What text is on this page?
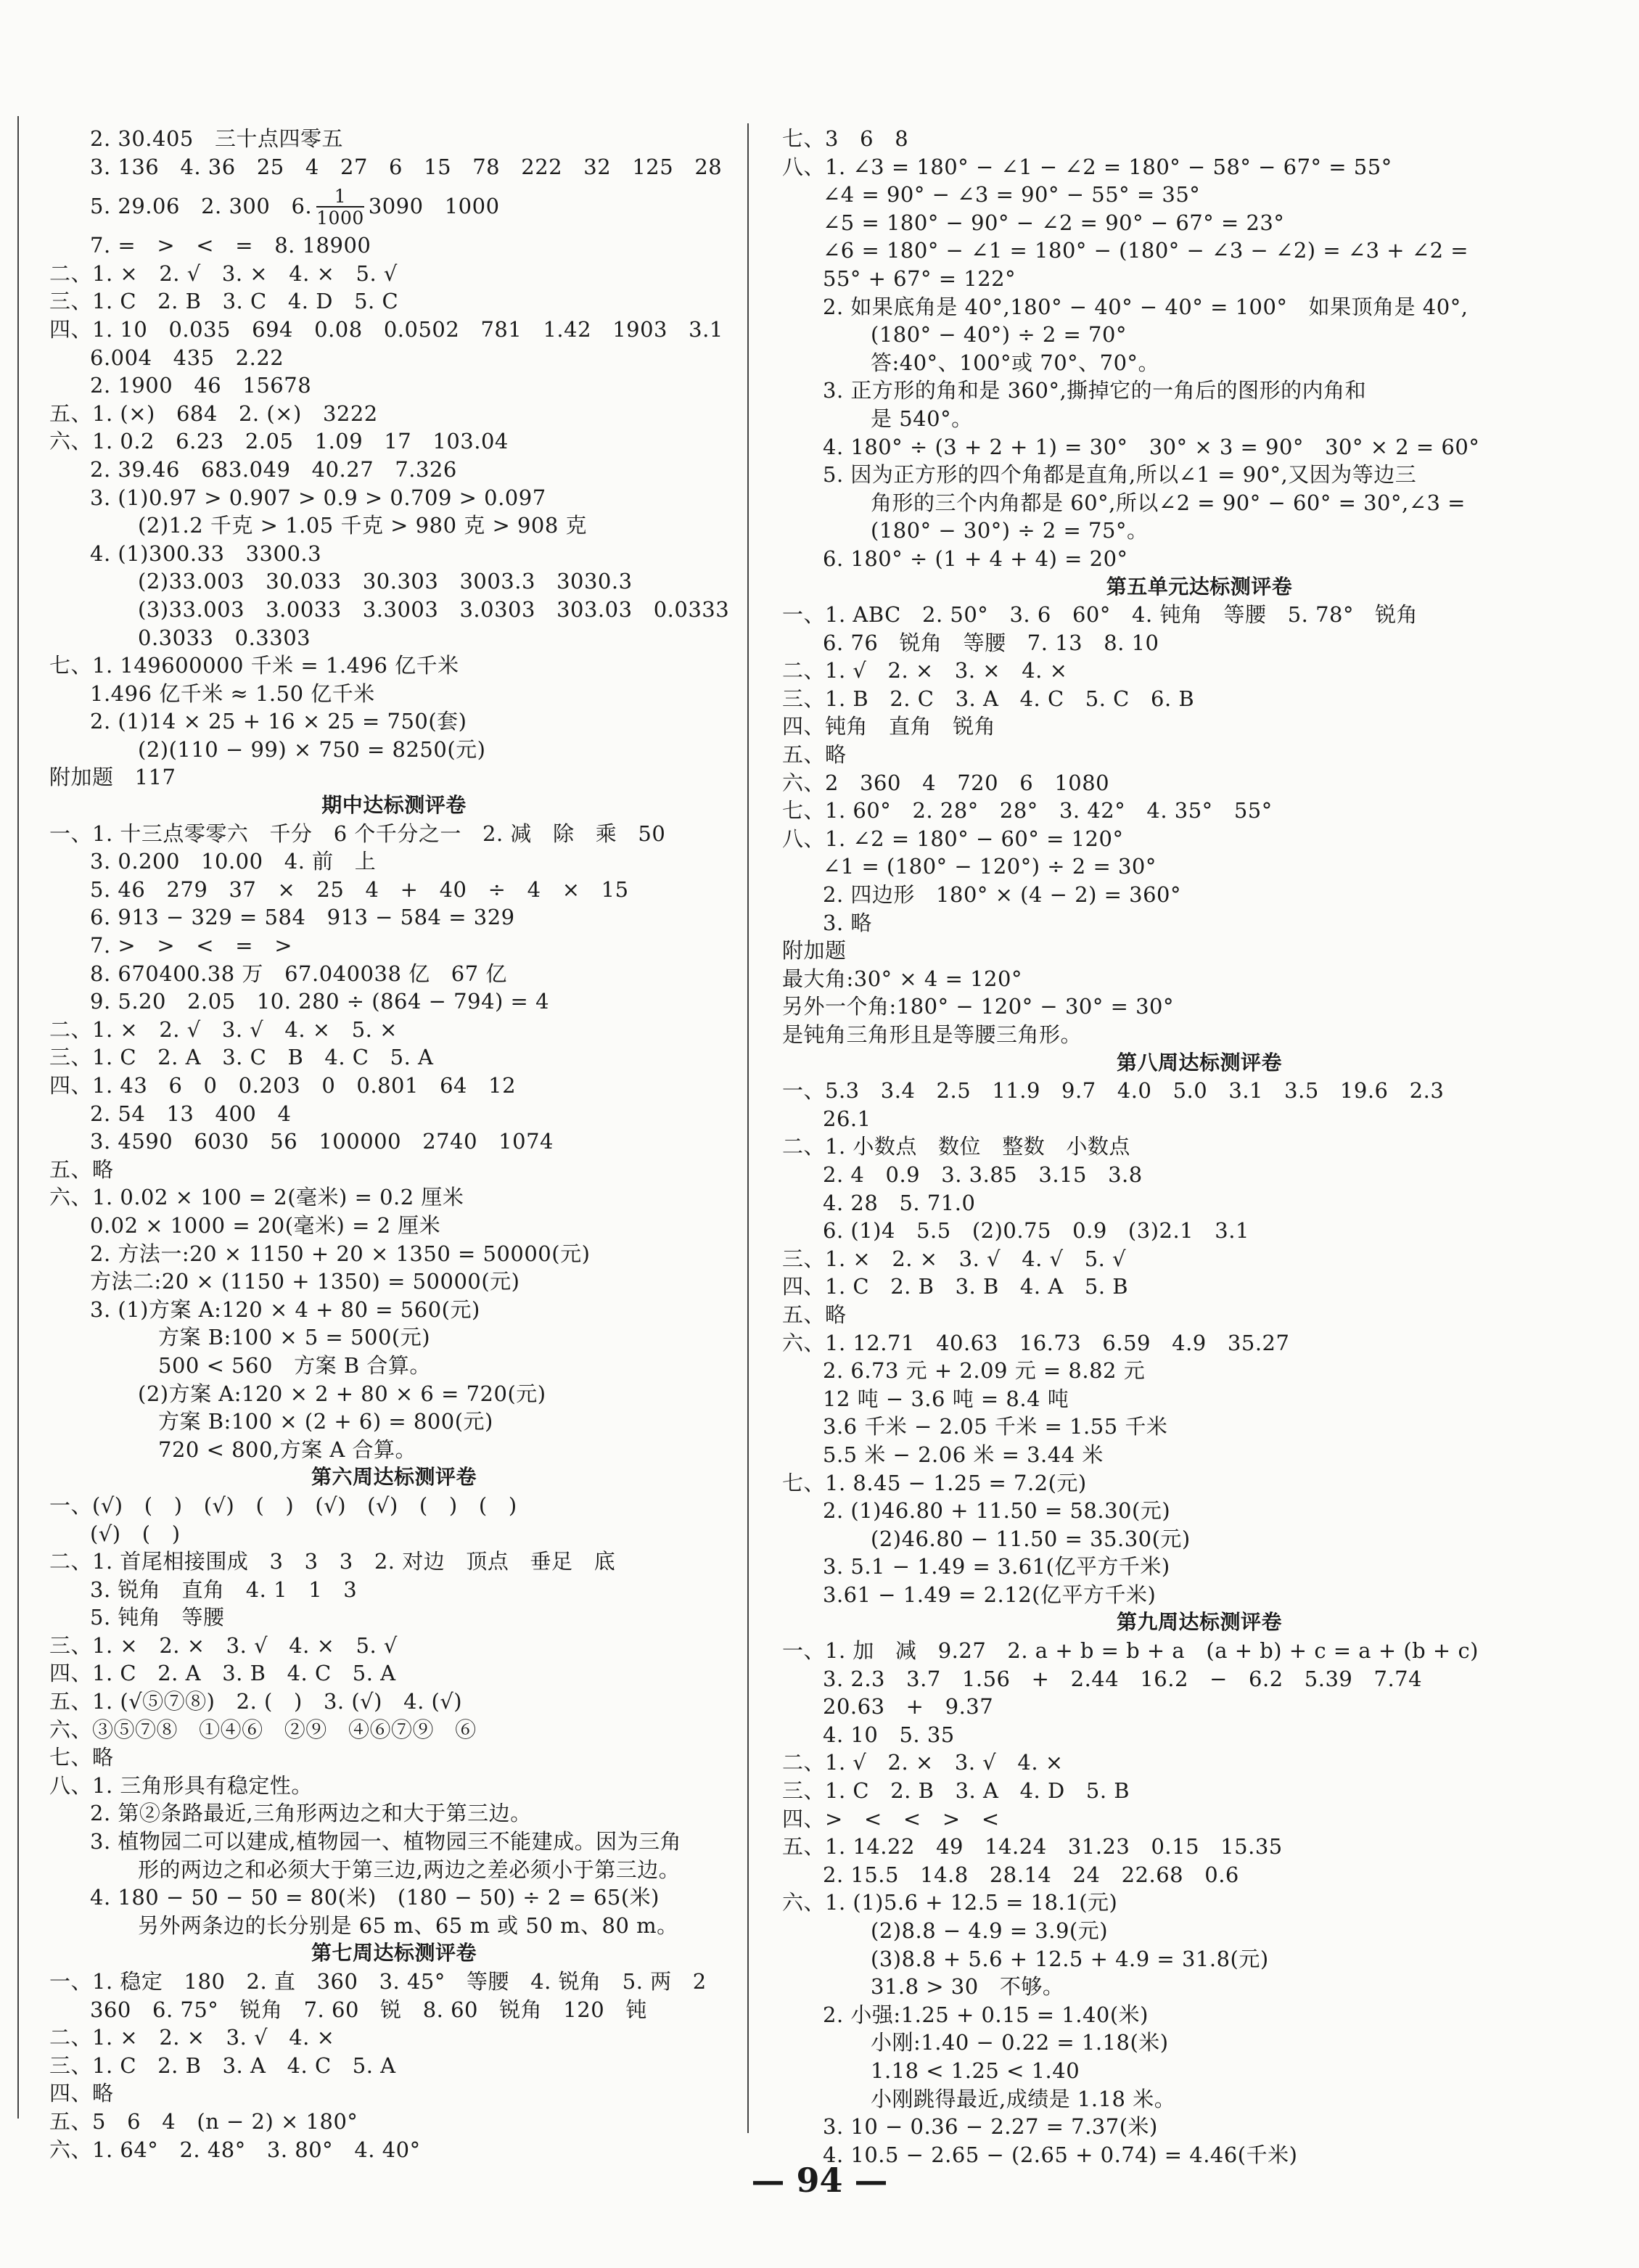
2. 30.405   三十点四零五
3. 136   4. 36   25   4   27   6   15   78   222   32   125   28
5. 29.06   2. 300   6. $\frac{1}{1000} 3090$   1000
7. =   >   <   =   8. 18900
二、1. ×   2. √   3. ×   4. ×   5. √
三、1. C   2. B   3. C   4. D   5. C
四、1. 10   0.035   694   0.08   0.0502   781   1.42   1903   3.1
6.004   435   2.22
2. 1900   46   15678
五、1. (×)   684   2. (×)   3222
六、1. 0.2   6.23   2.05   1.09   17   103.04
2. 39.46   683.049   40.27   7.326
3. (1)0.97 > 0.907 > 0.9 > 0.709 > 0.097
(2)1.2 千克 > 1.05 千克 > 980 克 > 908 克
4. (1)300.33   3300.3
(2)33.003   30.033   30.303   3003.3   3030.3
(3)33.003   3.0033   3.3003   3.0303   303.03   0.0333
0.3033   0.3303
七、1. 149600000 千米 = 1.496 亿千米
1.496 亿千米 ≈ 1.50 亿千米
2. (1)14 × 25 + 16 × 25 = 750(套)
(2)(110 − 99) × 750 = 8250(元)
附加题   117
期中达标测评卷
一、1. 十三点零零六   千分   6 个千分之一   2. 减   除   乘   50
3. 0.200   10.00   4. 前   上
5. 46   279   37   ×   25   4   +   40   ÷   4   ×   15
6. 913 − 329 = 584   913 − 584 = 329
7. >   >   <   =   >
8. 670400.38 万   67.040038 亿   67 亿
9. 5.20   2.05   10. 280 ÷ (864 − 794) = 4
二、1. ×   2. √   3. √   4. ×   5. ×
三、1. C   2. A   3. C   B   4. C   5. A
四、1. 43   6   0   0.203   0   0.801   64   12
2. 54   13   400   4
3. 4590   6030   56   100000   2740   1074
五、略
六、1. 0.02 × 100 = 2(毫米) = 0.2 厘米
0.02 × 1000 = 20(毫米) = 2 厘米
2. 方法一:20 × 1150 + 20 × 1350 = 50000(元)
方法二:20 × (1150 + 1350) = 50000(元)
3. (1)方案 A:120 × 4 + 80 = 560(元)
方案 B:100 × 5 = 500(元)
500 < 560   方案 B 合算。
(2)方案 A:120 × 2 + 80 × 6 = 720(元)
方案 B:100 × (2 + 6) = 800(元)
720 < 800,方案 A 合算。
第六周达标测评卷
一、(√)   (   )   (√)   (   )   (√)   (√)   (   )   (   )
(√)   (   )
二、1. 首尾相接围成   3   3   3   2. 对边   顶点   垂足   底
3. 锐角   直角   4. 1   1   3
5. 钝角   等腰
三、1. ×   2. ×   3. √   4. ×   5. √
四、1. C   2. A   3. B   4. C   5. A
五、1. (√⑤⑦⑧)   2. (   )   3. (√)   4. (√)
六、③⑤⑦⑧   ①④⑥   ②⑨   ④⑥⑦⑨   ⑥
七、略
八、1. 三角形具有稳定性。
2. 第②条路最近,三角形两边之和大于第三边。
3. 植物园二可以建成,植物园一、植物园三不能建成。因为三角
形的两边之和必须大于第三边,两边之差必须小于第三边。
4. 180 − 50 − 50 = 80(米)   (180 − 50) ÷ 2 = 65(米)
另外两条边的长分别是 65 m、65 m 或 50 m、80 m。
第七周达标测评卷
一、1. 稳定   180   2. 直   360   3. 45°   等腰   4. 锐角   5. 两   2
360   6. 75°   锐角   7. 60   锐   8. 60   锐角   120   钝
二、1. ×   2. ×   3. √   4. ×
三、1. C   2. B   3. A   4. C   5. A
四、略
五、5   6   4   (n − 2) × 180°
六、1. 64°   2. 48°   3. 80°   4. 40°
七、3   6   8
八、1. ∠3 = 180° − ∠1 − ∠2 = 180° − 58° − 67° = 55°
∠4 = 90° − ∠3 = 90° − 55° = 35°
∠5 = 180° − 90° − ∠2 = 90° − 67° = 23°
∠6 = 180° − ∠1 = 180° − (180° − ∠3 − ∠2) = ∠3 + ∠2 =
55° + 67° = 122°
2. 如果底角是 40°,180° − 40° − 40° = 100°   如果顶角是 40°,
(180° − 40°) ÷ 2 = 70°
答:40°、100°或 70°、70°。
3. 正方形的角和是 360°,撕掉它的一角后的图形的内角和
是 540°。
4. 180° ÷ (3 + 2 + 1) = 30°   30° × 3 = 90°   30° × 2 = 60°
5. 因为正方形的四个角都是直角,所以∠1 = 90°,又因为等边三
角形的三个内角都是 60°,所以∠2 = 90° − 60° = 30°,∠3 =
(180° − 30°) ÷ 2 = 75°。
6. 180° ÷ (1 + 4 + 4) = 20°
第五单元达标测评卷
一、1. ABC   2. 50°   3. 6   60°   4. 钝角   等腰   5. 78°   锐角
6. 76   锐角   等腰   7. 13   8. 10
二、1. √   2. ×   3. ×   4. ×
三、1. B   2. C   3. A   4. C   5. C   6. B
四、钝角   直角   锐角
五、略
六、2   360   4   720   6   1080
七、1. 60°   2. 28°   28°   3. 42°   4. 35°   55°
八、1. ∠2 = 180° − 60° = 120°
∠1 = (180° − 120°) ÷ 2 = 30°
2. 四边形   180° × (4 − 2) = 360°
3. 略
附加题
最大角:30° × 4 = 120°
另外一个角:180° − 120° − 30° = 30°
是钝角三角形且是等腰三角形。
第八周达标测评卷
一、5.3   3.4   2.5   11.9   9.7   4.0   5.0   3.1   3.5   19.6   2.3
26.1
二、1. 小数点   数位   整数   小数点
2. 4   0.9   3. 3.85   3.15   3.8
4. 28   5. 71.0
6. (1)4   5.5   (2)0.75   0.9   (3)2.1   3.1
三、1. ×   2. ×   3. √   4. √   5. √
四、1. C   2. B   3. B   4. A   5. B
五、略
六、1. 12.71   40.63   16.73   6.59   4.9   35.27
2. 6.73 元 + 2.09 元 = 8.82 元
12 吨 − 3.6 吨 = 8.4 吨
3.6 千米 − 2.05 千米 = 1.55 千米
5.5 米 − 2.06 米 = 3.44 米
七、1. 8.45 − 1.25 = 7.2(元)
2. (1)46.80 + 11.50 = 58.30(元)
(2)46.80 − 11.50 = 35.30(元)
3. 5.1 − 1.49 = 3.61(亿平方千米)
3.61 − 1.49 = 2.12(亿平方千米)
第九周达标测评卷
一、1. 加   减   9.27   2. a + b = b + a   (a + b) + c = a + (b + c)
3. 2.3   3.7   1.56   +   2.44   16.2   −   6.2   5.39   7.74
20.63   +   9.37
4. 10   5. 35
二、1. √   2. ×   3. √   4. ×
三、1. C   2. B   3. A   4. D   5. B
四、>   <   <   >   <
五、1. 14.22   49   14.24   31.23   0.15   15.35
2. 15.5   14.8   28.14   24   22.68   0.6
六、1. (1)5.6 + 12.5 = 18.1(元)
(2)8.8 − 4.9 = 3.9(元)
(3)8.8 + 5.6 + 12.5 + 4.9 = 31.8(元)
31.8 > 30   不够。
2. 小强:1.25 + 0.15 = 1.40(米)
小刚:1.40 − 0.22 = 1.18(米)
1.18 < 1.25 < 1.40
小刚跳得最近,成绩是 1.18 米。
3. 10 − 0.36 − 2.27 = 7.37(米)
4. 10.5 − 2.65 − (2.65 + 0.74) = 4.46(千米)
— 94 —
